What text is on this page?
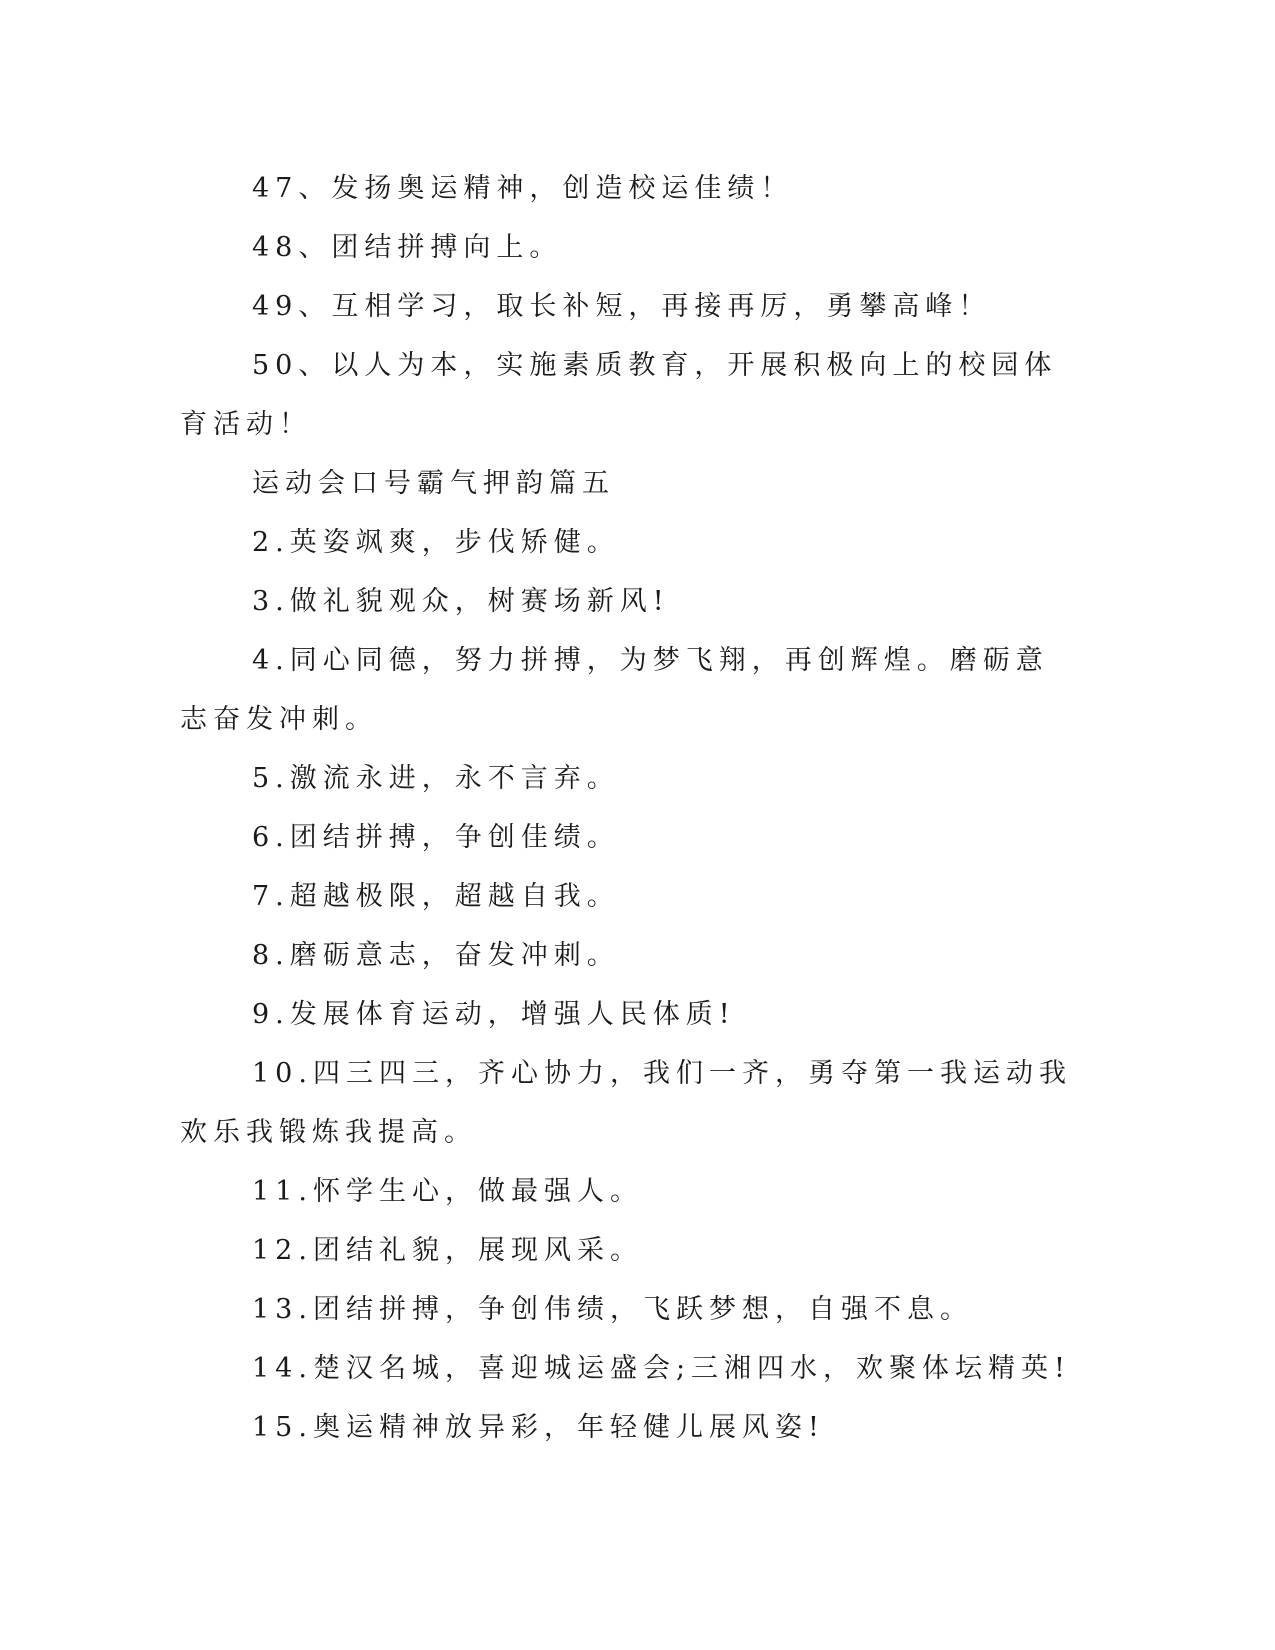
47、发扬奥运精神，创造校运佳绩！

48、团结拼搏向上。

49、互相学习，取长补短，再接再厉，勇攀高峰！

50、以人为本，实施素质教育，开展积极向上的校园体育活动！

运动会口号霸气押韵篇五

2.英姿飒爽，步伐矫健。

3.做礼貌观众，树赛场新风!

4.同心同德，努力拼搏，为梦飞翔，再创辉煌。磨砺意志奋发冲刺。

5.激流永进，永不言弃。

6.团结拼搏，争创佳绩。

7.超越极限，超越自我。

8.磨砺意志，奋发冲刺。

9.发展体育运动，增强人民体质!

10.四三四三，齐心协力，我们一齐，勇夺第一我运动我欢乐我锻炼我提高。

11.怀学生心，做最强人。

12.团结礼貌，展现风采。

13.团结拼搏，争创伟绩，飞跃梦想，自强不息。

14.楚汉名城，喜迎城运盛会;三湘四水，欢聚体坛精英!

15.奥运精神放异彩，年轻健儿展风姿!
